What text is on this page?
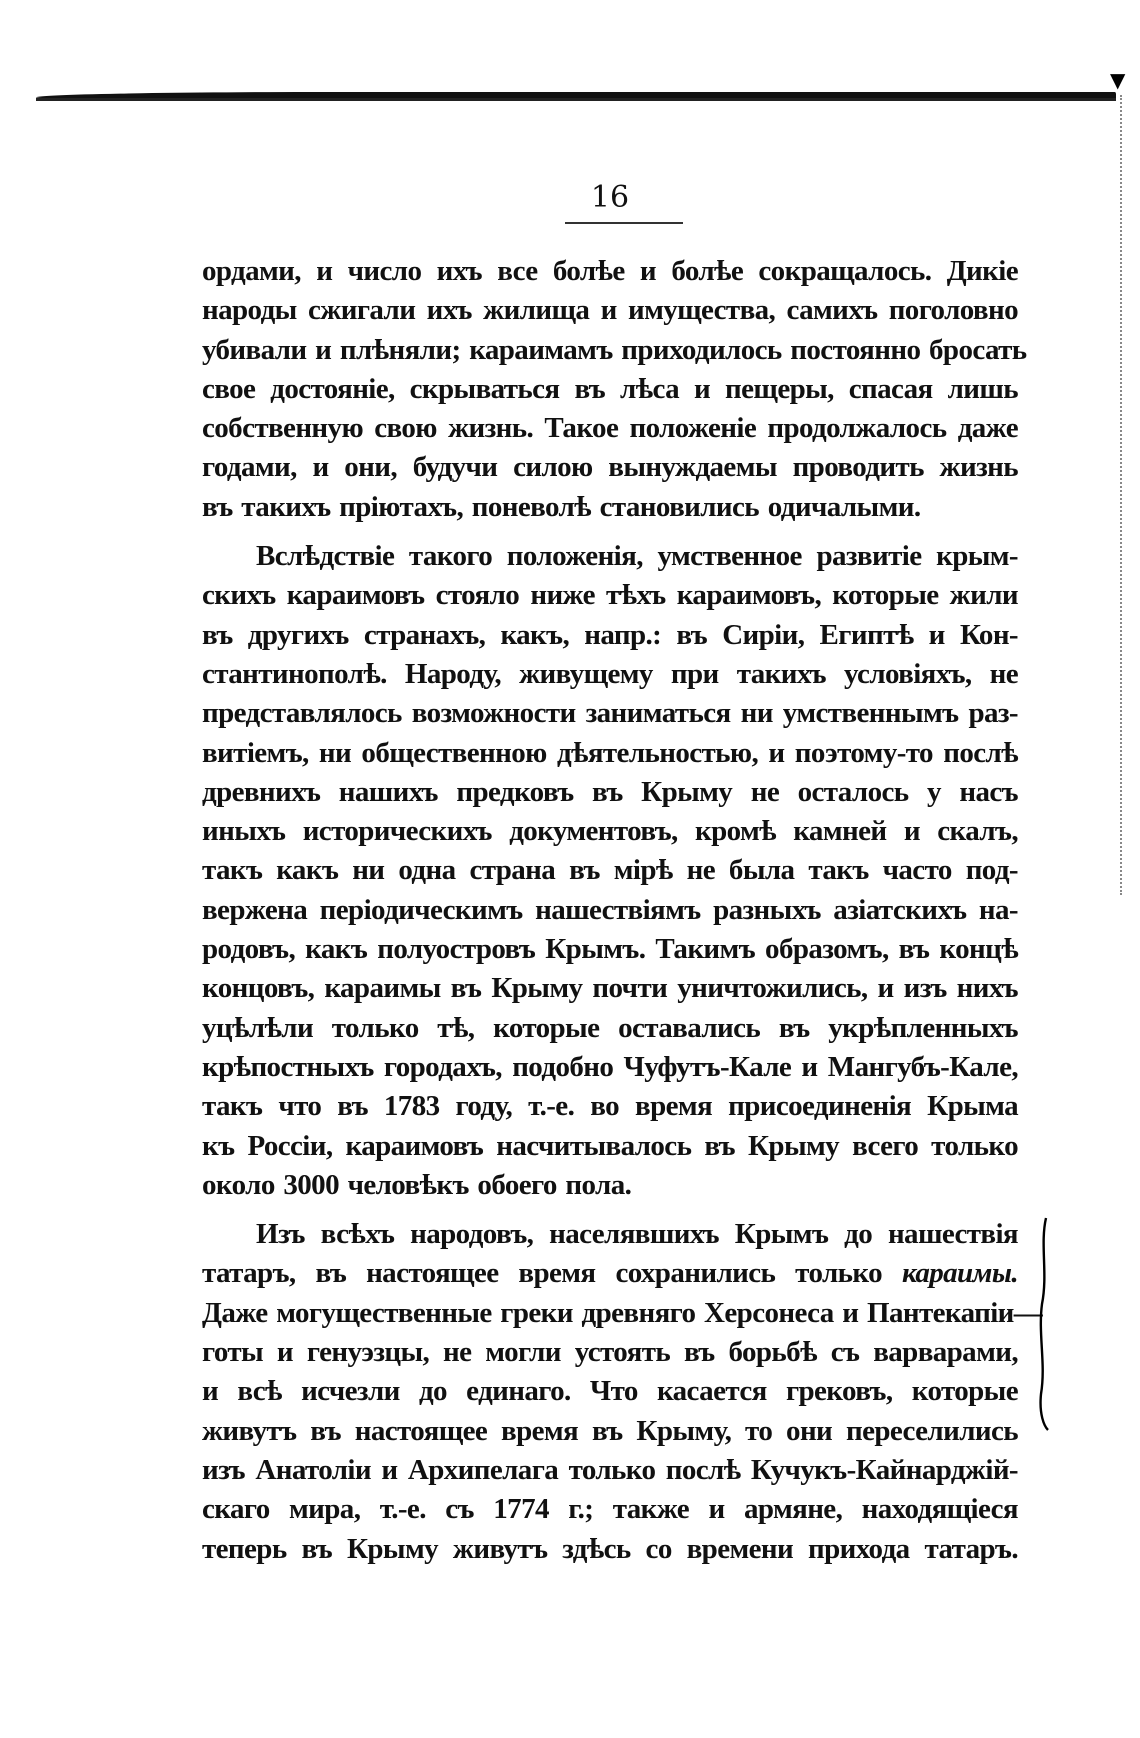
▼
16
ордами, и число ихъ все болѣе и болѣе сокращалось. Дикіе
народы сжигали ихъ жилища и имущества, самихъ поголовно
убивали и плѣняли; караимамъ приходилось постоянно бросать
свое достояніе, скрываться въ лѣса и пещеры, спасая лишь
собственную свою жизнь. Такое положеніе продолжалось даже
годами, и они, будучи силою вынуждаемы проводить жизнь
въ такихъ пріютахъ, поневолѣ становились одичалыми.
Вслѣдствіе такого положенія, умственное развитіе крым-
скихъ караимовъ стояло ниже тѣхъ караимовъ, которые жили
въ другихъ странахъ, какъ, напр.: въ Сиріи, Египтѣ и Кон-
стантинополѣ. Народу, живущему при такихъ условіяхъ, не
представлялось возможности заниматься ни умственнымъ раз-
витіемъ, ни общественною дѣятельностью, и поэтому-то послѣ
древнихъ нашихъ предковъ въ Крыму не осталось у насъ
иныхъ историческихъ документовъ, кромѣ камней и скалъ,
такъ какъ ни одна страна въ мірѣ не была такъ часто под-
вержена періодическимъ нашествіямъ разныхъ азіатскихъ на-
родовъ, какъ полуостровъ Крымъ. Такимъ образомъ, въ концѣ
концовъ, караимы въ Крыму почти уничтожились, и изъ нихъ
уцѣлѣли только тѣ, которые оставались въ укрѣпленныхъ
крѣпостныхъ городахъ, подобно Чуфутъ-Кале и Мангубъ-Кале,
такъ что въ 1783 году, т.-е. во время присоединенія Крыма
къ Россіи, караимовъ насчитывалось въ Крыму всего только
около 3000 человѣкъ обоего пола.
Изъ всѣхъ народовъ, населявшихъ Крымъ до нашествія
татаръ, въ настоящее время сохранились только караимы.
Даже могущественные греки древняго Херсонеса и Пантекапіи—
готы и генуэзцы, не могли устоять въ борьбѣ съ варварами,
и всѣ исчезли до единаго. Что касается грековъ, которые
живутъ въ настоящее время въ Крыму, то они переселились
изъ Анатоліи и Архипелага только послѣ Кучукъ-Кайнарджій-
скаго мира, т.-е. съ 1774 г.; также и армяне, находящіеся
теперь въ Крыму живутъ здѣсь со времени прихода татаръ.
